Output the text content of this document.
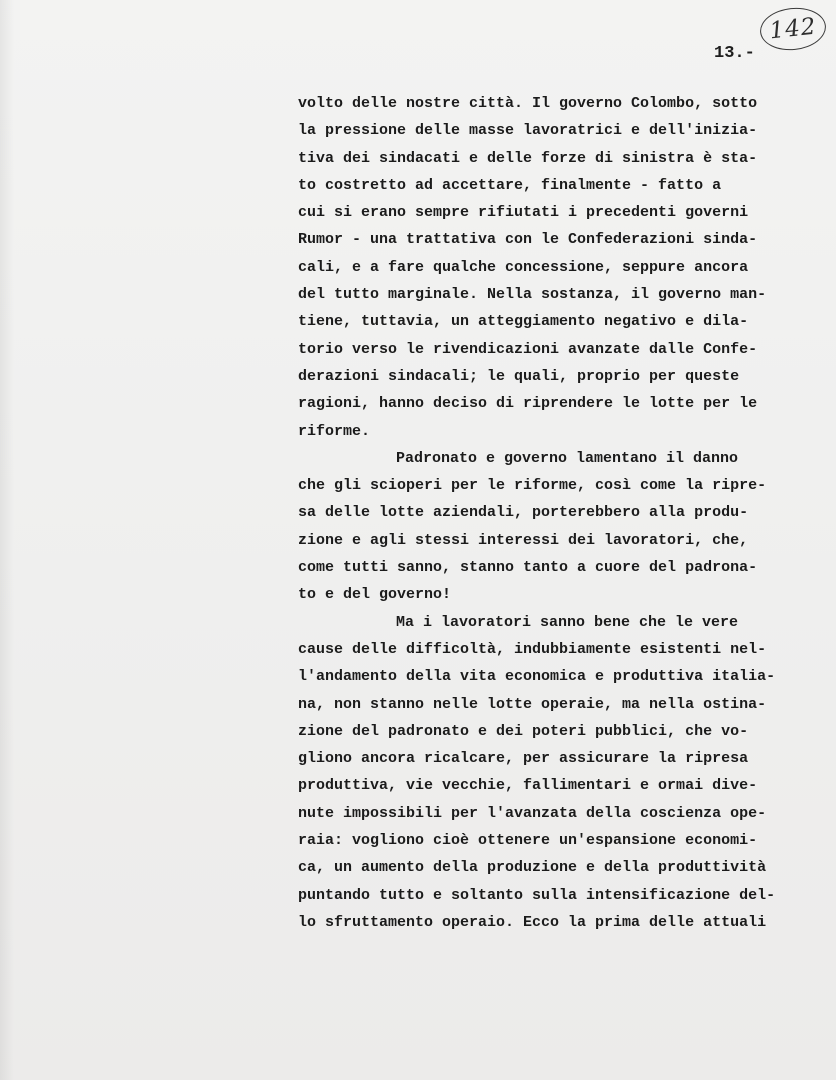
142
13.-
volto delle nostre città. Il governo Colombo, sotto
la pressione delle masse lavoratrici e dell'inizia-
tiva dei sindacati e delle forze di sinistra è sta-
to costretto ad accettare, finalmente - fatto a
cui si erano sempre rifiutati i precedenti governi
Rumor - una trattativa con le Confederazioni sinda-
cali, e a fare qualche concessione, seppure ancora
del tutto marginale. Nella sostanza, il governo man-
tiene, tuttavia, un atteggiamento negativo e dila-
torio verso le rivendicazioni avanzate dalle Confe-
derazioni sindacali; le quali, proprio per queste
ragioni, hanno deciso di riprendere le lotte per le
riforme.
Padronato e governo lamentano il danno
che gli scioperi per le riforme, così come la ripre-
sa delle lotte aziendali, porterebbero alla produ-
zione e agli stessi interessi dei lavoratori, che,
come tutti sanno, stanno tanto a cuore del padrona-
to e del governo!
Ma i lavoratori sanno bene che le vere
cause delle difficoltà, indubbiamente esistenti nel-
l'andamento della vita economica e produttiva italia-
na, non stanno nelle lotte operaie, ma nella ostina-
zione del padronato e dei poteri pubblici, che vo-
gliono ancora ricalcare, per assicurare la ripresa
produttiva, vie vecchie, fallimentari e ormai dive-
nute impossibili per l'avanzata della coscienza ope-
raia: vogliono cioè ottenere un'espansione economi-
ca, un aumento della produzione e della produttività
puntando tutto e soltanto sulla intensificazione del-
lo sfruttamento operaio. Ecco la prima delle attuali
